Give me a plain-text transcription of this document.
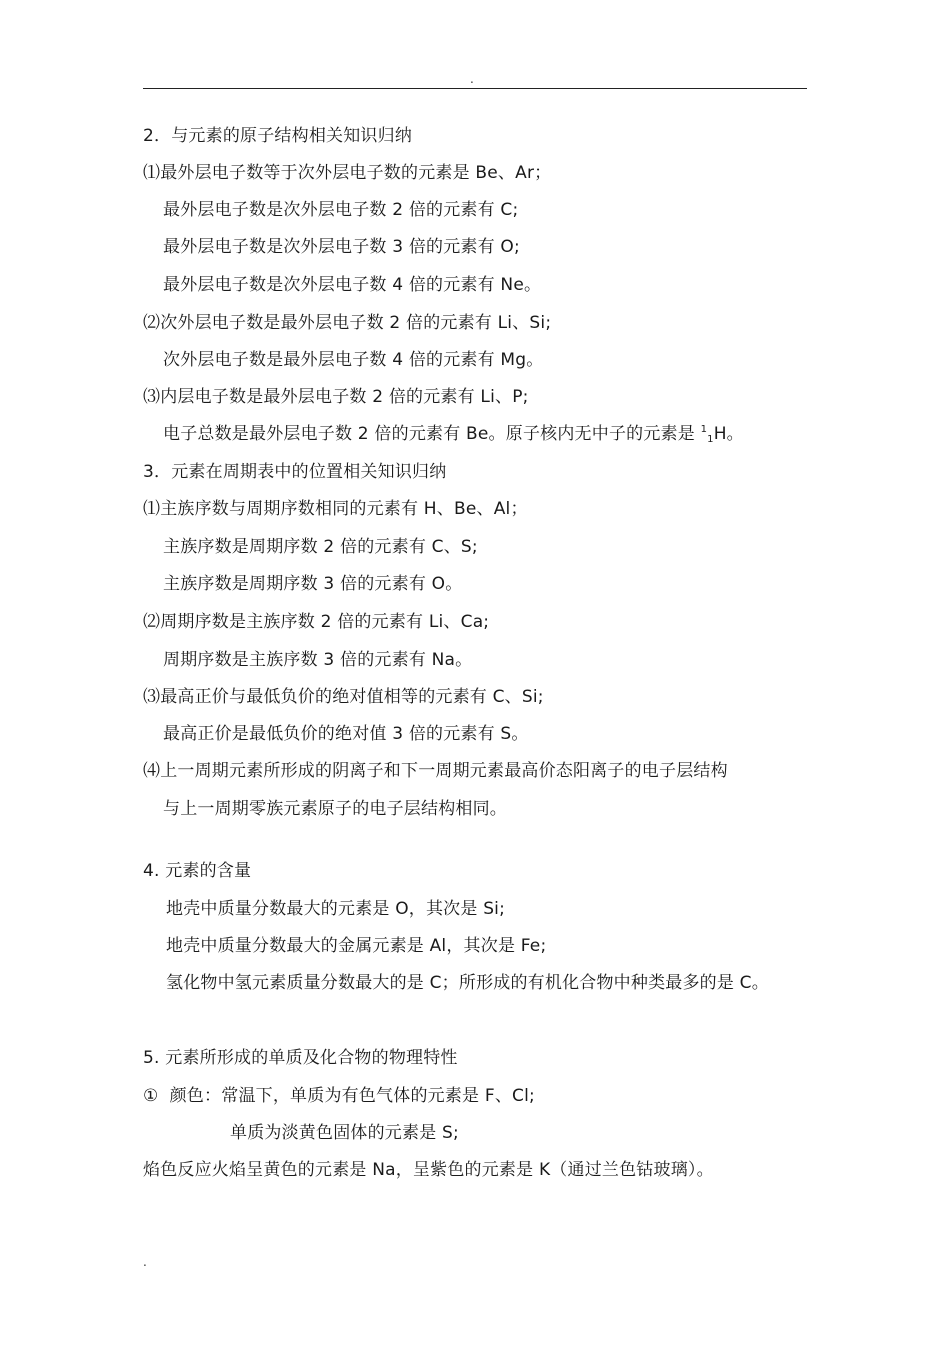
.
2．与元素的原子结构相关知识归纳
⑴最外层电子数等于次外层电子数的元素是 Be、Ar；
最外层电子数是次外层电子数 2 倍的元素有 C;
最外层电子数是次外层电子数 3 倍的元素有 O;
最外层电子数是次外层电子数 4 倍的元素有 Ne。
⑵次外层电子数是最外层电子数 2 倍的元素有 Li、Si;
次外层电子数是最外层电子数 4 倍的元素有 Mg。
⑶内层电子数是最外层电子数 2 倍的元素有 Li、P;
电子总数是最外层电子数 2 倍的元素有 Be。原子核内无中子的元素是 $^1$1H。
3．元素在周期表中的位置相关知识归纳
⑴主族序数与周期序数相同的元素有 H、Be、Al；
主族序数是周期序数 2 倍的元素有 C、S;
主族序数是周期序数 3 倍的元素有 O。
⑵周期序数是主族序数 2 倍的元素有 Li、Ca;
周期序数是主族序数 3 倍的元素有 Na。
⑶最高正价与最低负价的绝对值相等的元素有 C、Si;
最高正价是最低负价的绝对值 3 倍的元素有 S。
⑷上一周期元素所形成的阴离子和下一周期元素最高价态阳离子的电子层结构
与上一周期零族元素原子的电子层结构相同。
4. 元素的含量
地壳中质量分数最大的元素是 O，其次是 Si;
地壳中质量分数最大的金属元素是 Al，其次是 Fe;
氢化物中氢元素质量分数最大的是 C；所形成的有机化合物中种类最多的是 C。
5. 元素所形成的单质及化合物的物理特性
①  颜色：常温下，单质为有色气体的元素是 F、Cl;
单质为淡黄色固体的元素是 S;
焰色反应火焰呈黄色的元素是 Na，呈紫色的元素是 K（通过兰色钴玻璃）。
.
